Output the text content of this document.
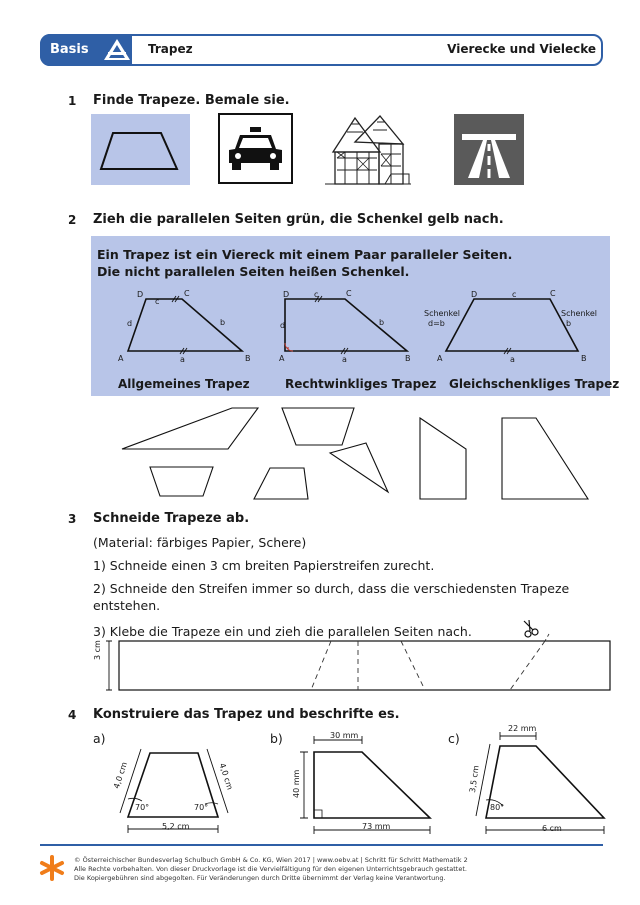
Basis	Trapez	Vierecke und Vielecke
1 Finde Trapeze. Bemale sie.
2 Zieh die parallelen Seiten grün, die Schenkel gelb nach.
Ein Trapez ist ein Viereck mit einem Paar paralleler Seiten.
Die nicht parallelen Seiten heißen Schenkel.
D
c
C
d	b
A	a	B
D	c	C
d	b
A	a	B
D	c	C
Schenkel
d=b
Schenkel
b
A	a	B
Allgemeines Trapez	Rechtwinkliges Trapez Gleichschenkliges Trapez
3 Schneide Trapeze ab.
(Material: färbiges Papier, Schere)
1) Schneide einen 3 cm breiten Papierstreifen zurecht.
2) Schneide den Streifen immer so durch, dass die verschiedensten Trapeze
entstehen.
3) Klebe die Trapeze ein und zieh die parallelen Seiten nach.
3 cm
4 Konstruiere das Trapez und beschrifte es.
a)
4,0 cm	4,0 cm
70°	70°
5,2 cm
b)	30 mm
40 mm
73 mm
c)
22 mm
3,5 cm
80°
6 cm
© Österreichischer Bundesverlag Schulbuch GmbH & Co. KG, Wien 2017 | www.oebv.at | Schritt für Schritt Mathematik 2
Alle Rechte vorbehalten. Von dieser Druckvorlage ist die Vervielfältigung für den eigenen Unterrichtsgebrauch gestattet.
Die Kopiergebühren sind abgegolten. Für Veränderungen durch Dritte übernimmt der Verlag keine Verantwortung.
